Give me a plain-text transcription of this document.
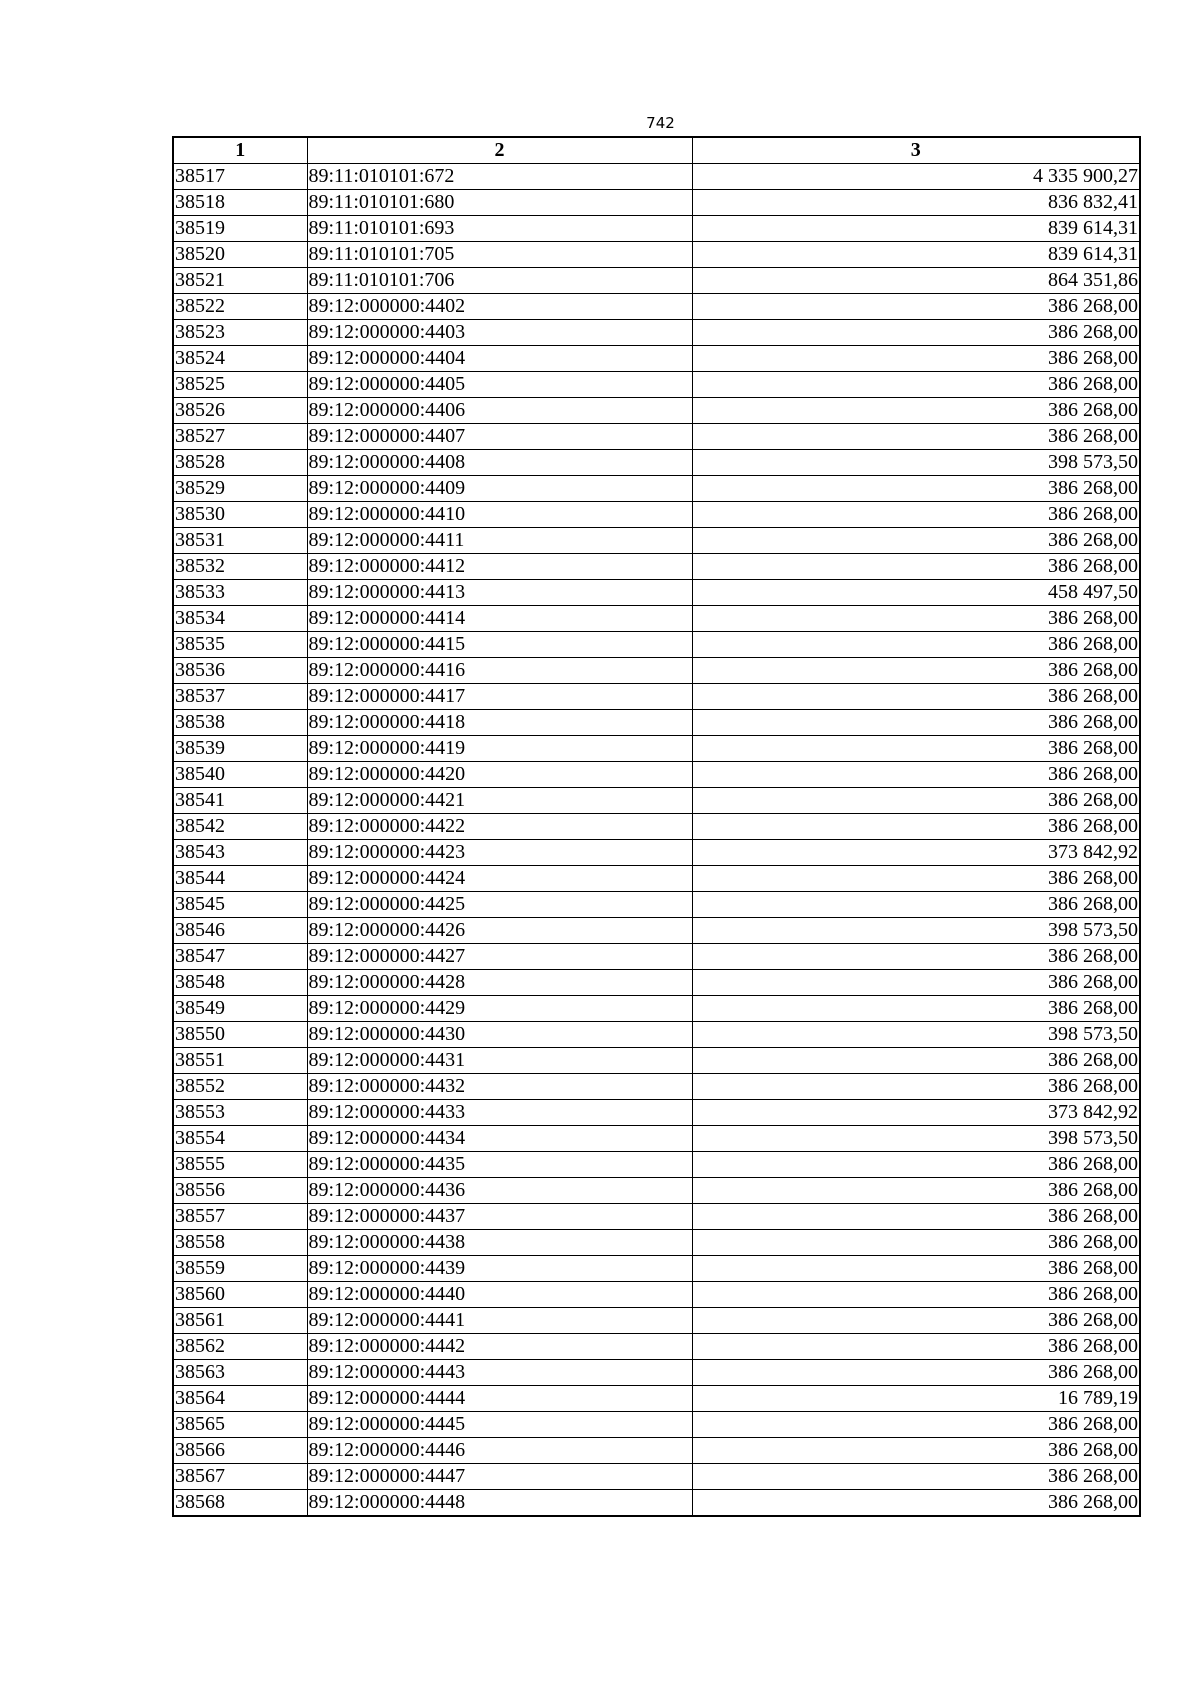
742
1	2	3
38517	89:11:010101:672	4 335 900,27
38518	89:11:010101:680	836 832,41
38519	89:11:010101:693	839 614,31
38520	89:11:010101:705	839 614,31
38521	89:11:010101:706	864 351,86
38522	89:12:000000:4402	386 268,00
38523	89:12:000000:4403	386 268,00
38524	89:12:000000:4404	386 268,00
38525	89:12:000000:4405	386 268,00
38526	89:12:000000:4406	386 268,00
38527	89:12:000000:4407	386 268,00
38528	89:12:000000:4408	398 573,50
38529	89:12:000000:4409	386 268,00
38530	89:12:000000:4410	386 268,00
38531	89:12:000000:4411	386 268,00
38532	89:12:000000:4412	386 268,00
38533	89:12:000000:4413	458 497,50
38534	89:12:000000:4414	386 268,00
38535	89:12:000000:4415	386 268,00
38536	89:12:000000:4416	386 268,00
38537	89:12:000000:4417	386 268,00
38538	89:12:000000:4418	386 268,00
38539	89:12:000000:4419	386 268,00
38540	89:12:000000:4420	386 268,00
38541	89:12:000000:4421	386 268,00
38542	89:12:000000:4422	386 268,00
38543	89:12:000000:4423	373 842,92
38544	89:12:000000:4424	386 268,00
38545	89:12:000000:4425	386 268,00
38546	89:12:000000:4426	398 573,50
38547	89:12:000000:4427	386 268,00
38548	89:12:000000:4428	386 268,00
38549	89:12:000000:4429	386 268,00
38550	89:12:000000:4430	398 573,50
38551	89:12:000000:4431	386 268,00
38552	89:12:000000:4432	386 268,00
38553	89:12:000000:4433	373 842,92
38554	89:12:000000:4434	398 573,50
38555	89:12:000000:4435	386 268,00
38556	89:12:000000:4436	386 268,00
38557	89:12:000000:4437	386 268,00
38558	89:12:000000:4438	386 268,00
38559	89:12:000000:4439	386 268,00
38560	89:12:000000:4440	386 268,00
38561	89:12:000000:4441	386 268,00
38562	89:12:000000:4442	386 268,00
38563	89:12:000000:4443	386 268,00
38564	89:12:000000:4444	16 789,19
38565	89:12:000000:4445	386 268,00
38566	89:12:000000:4446	386 268,00
38567	89:12:000000:4447	386 268,00
38568	89:12:000000:4448	386 268,00
